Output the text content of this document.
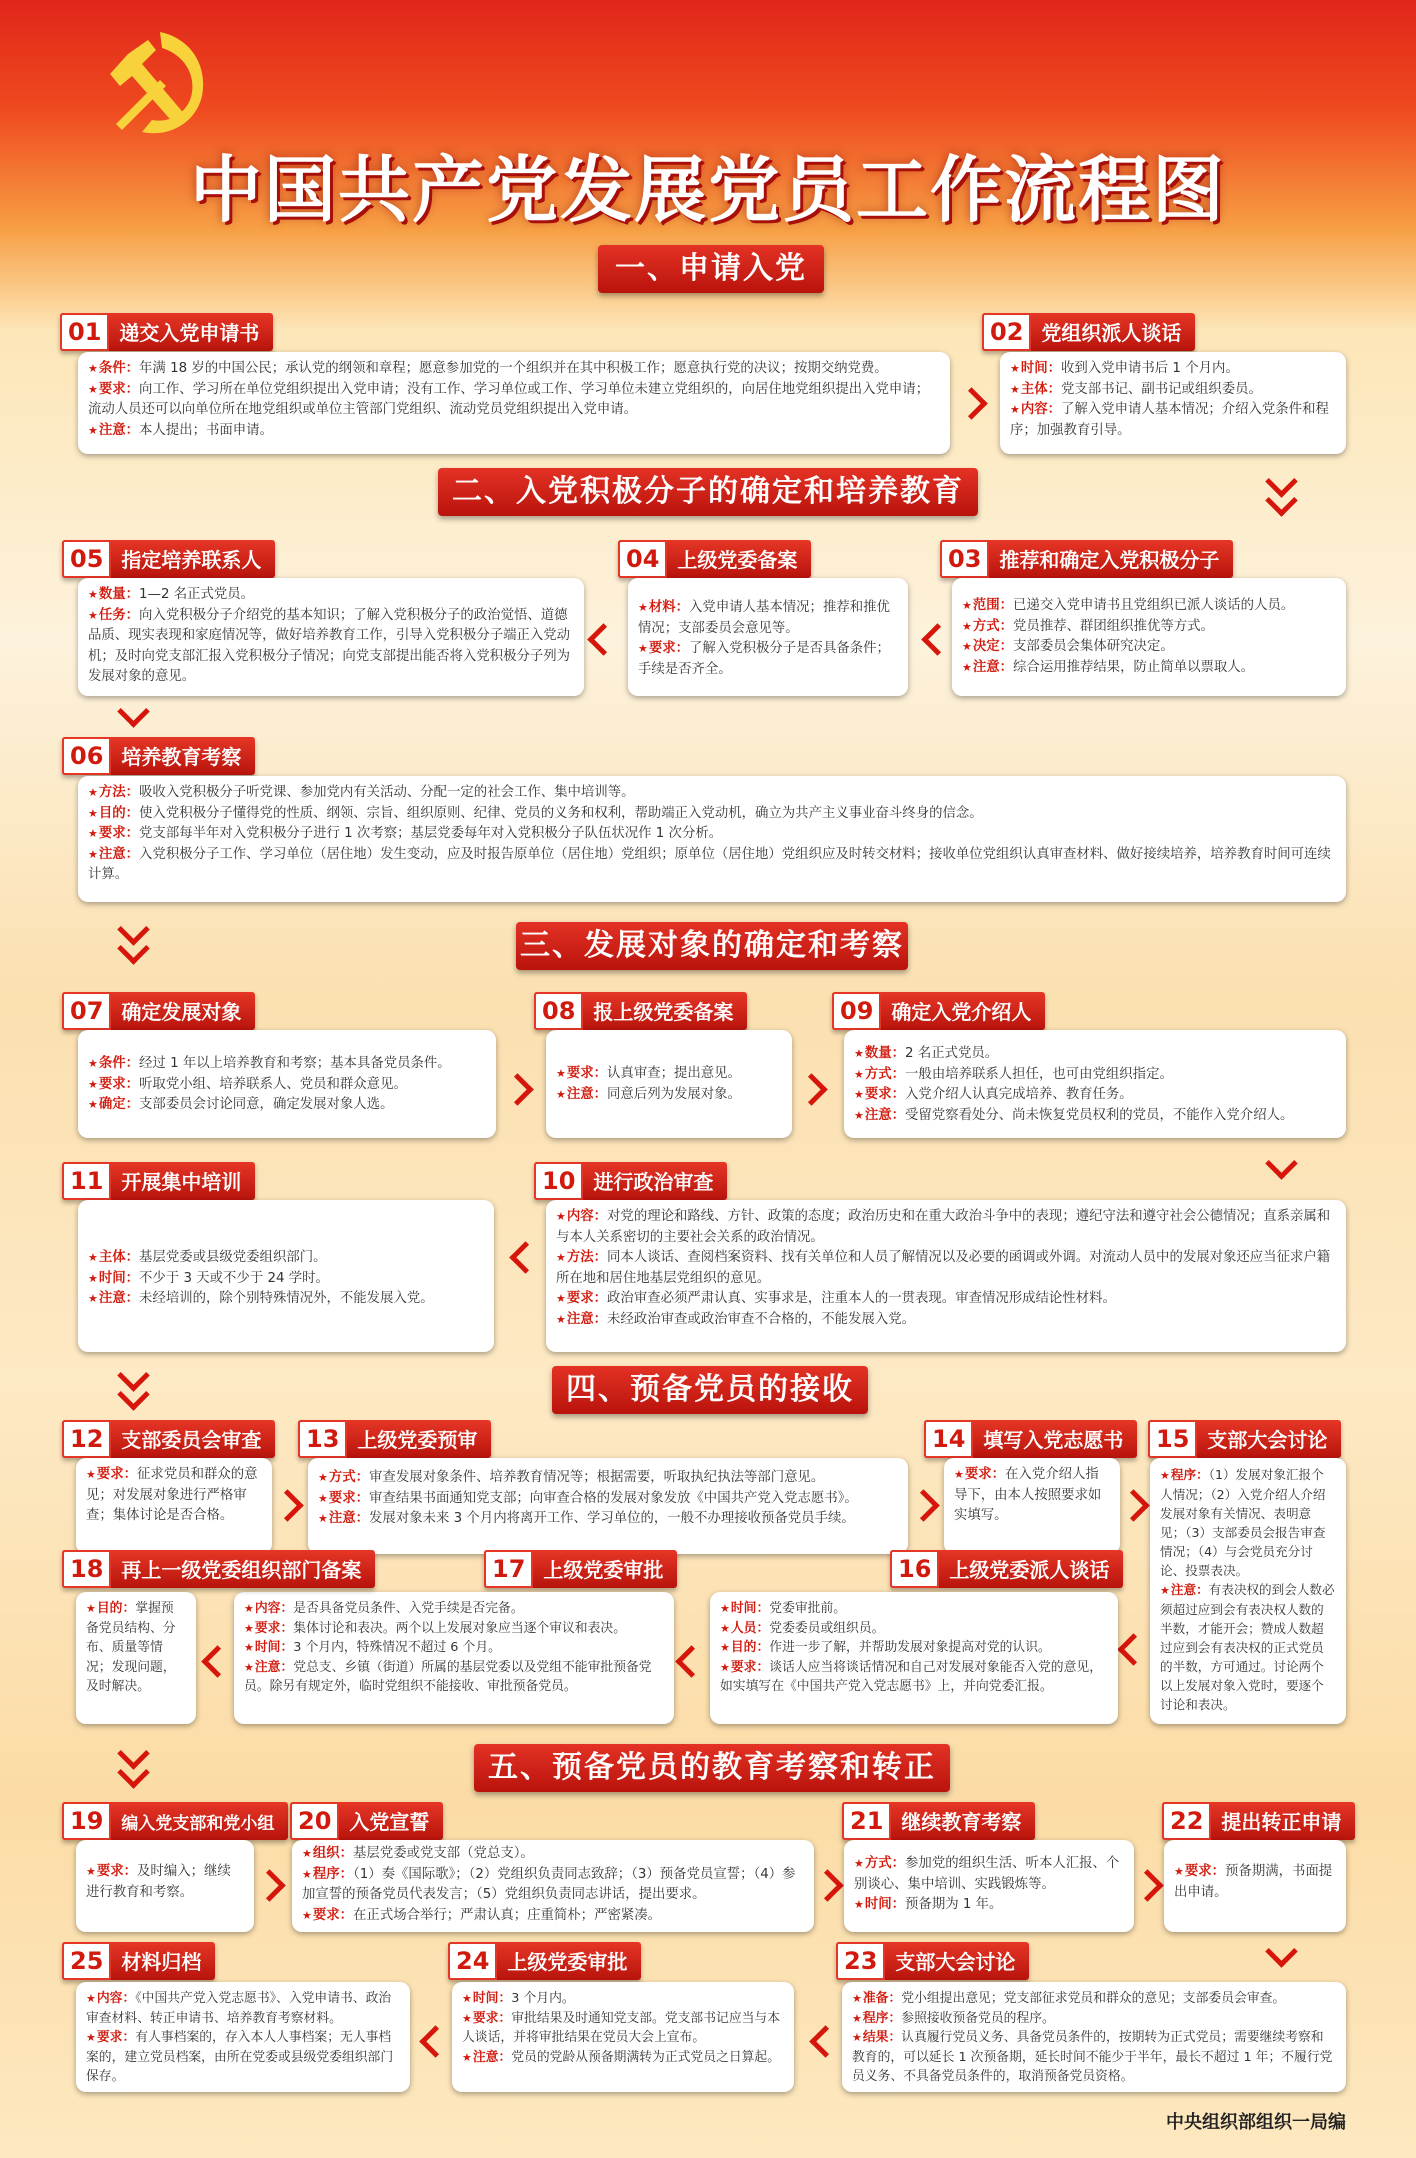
中国共产党发展党员工作流程图
一、申请入党
01 递交入党申请书

★ 条件：年满 18 岁的中国公民；承认党的纲领和章程；愿意参加党的一个组织并在其中积极工作；愿意执行党的决议；按期交纳党费。

★ 要求：向工作、学习所在单位党组织提出入党申请；没有工作、学习单位或工作、学习单位未建立党组织的，向居住地党组织提出入党申请；流动人员还可以向单位所在地党组织或单位主管部门党组织、流动党员党组织提出入党申请。

★ 注意：本人提出；书面申请。

02 党组织派人谈话

★ 时间：收到入党申请书后 1 个月内。

★ 主体：党支部书记、副书记或组织委员。

★ 内容：了解入党申请人基本情况；介绍入党条件和程序；加强教育引导。

二、入党积极分子的确定和培养教育
03 推荐和确定入党积极分子

★ 范围：已递交入党申请书且党组织已派人谈话的人员。

★ 方式：党员推荐、群团组织推优等方式。

★ 决定：支部委员会集体研究决定。

★ 注意：综合运用推荐结果，防止简单以票取人。

04 上级党委备案

★ 材料：入党申请人基本情况；推荐和推优情况；支部委员会意见等。

★ 要求：了解入党积极分子是否具备条件；手续是否齐全。

05 指定培养联系人

★ 数量：1—2 名正式党员。

★ 任务：向入党积极分子介绍党的基本知识；了解入党积极分子的政治觉悟、道德品质、现实表现和家庭情况等，做好培养教育工作，引导入党积极分子端正入党动机；及时向党支部汇报入党积极分子情况；向党支部提出能否将入党积极分子列为发展对象的意见。

06 培养教育考察

★ 方法：吸收入党积极分子听党课、参加党内有关活动、分配一定的社会工作、集中培训等。

★ 目的：使入党积极分子懂得党的性质、纲领、宗旨、组织原则、纪律、党员的义务和权利，帮助端正入党动机，确立为共产主义事业奋斗终身的信念。

★ 要求：党支部每半年对入党积极分子进行 1 次考察；基层党委每年对入党积极分子队伍状况作 1 次分析。

★ 注意：入党积极分子工作、学习单位（居住地）发生变动，应及时报告原单位（居住地）党组织；原单位（居住地）党组织应及时转交材料；接收单位党组织认真审查材料、做好接续培养，培养教育时间可连续计算。

三、发展对象的确定和考察
07 确定发展对象

★ 条件：经过 1 年以上培养教育和考察；基本具备党员条件。

★ 要求：听取党小组、培养联系人、党员和群众意见。

★ 确定：支部委员会讨论同意，确定发展对象人选。

08 报上级党委备案

★ 要求：认真审查；提出意见。

★ 注意：同意后列为发展对象。

09 确定入党介绍人

★ 数量：2 名正式党员。

★ 方式：一般由培养联系人担任，也可由党组织指定。

★ 要求：入党介绍人认真完成培养、教育任务。

★ 注意：受留党察看处分、尚未恢复党员权利的党员，不能作入党介绍人。

10 进行政治审查

★ 内容：对党的理论和路线、方针、政策的态度；政治历史和在重大政治斗争中的表现；遵纪守法和遵守社会公德情况；直系亲属和与本人关系密切的主要社会关系的政治情况。

★ 方法：同本人谈话、查阅档案资料、找有关单位和人员了解情况以及必要的函调或外调。对流动人员中的发展对象还应当征求户籍所在地和居住地基层党组织的意见。

★ 要求：政治审查必须严肃认真、实事求是，注重本人的一贯表现。审查情况形成结论性材料。

★ 注意：未经政治审查或政治审查不合格的，不能发展入党。

11 开展集中培训

★ 主体：基层党委或县级党委组织部门。

★ 时间：不少于 3 天或不少于 24 学时。

★ 注意：未经培训的，除个别特殊情况外，不能发展入党。

四、预备党员的接收
12 支部委员会审查

★ 要求：征求党员和群众的意见；对发展对象进行严格审查；集体讨论是否合格。

13 上级党委预审

★ 方式：审查发展对象条件、培养教育情况等；根据需要，听取执纪执法等部门意见。

★ 要求：审查结果书面通知党支部；向审查合格的发展对象发放《中国共产党入党志愿书》。

★ 注意：发展对象未来 3 个月内将离开工作、学习单位的，一般不办理接收预备党员手续。

14 填写入党志愿书

★ 要求：在入党介绍人指导下，由本人按照要求如实填写。

15 支部大会讨论

★ 程序：（1）发展对象汇报个人情况；（2）入党介绍人介绍发展对象有关情况、表明意见；（3）支部委员会报告审查情况；（4）与会党员充分讨论、投票表决。

★ 注意：有表决权的到会人数必须超过应到会有表决权人数的半数，才能开会；赞成人数超过应到会有表决权的正式党员的半数，方可通过。讨论两个以上发展对象入党时，要逐个讨论和表决。

16 上级党委派人谈话

★ 时间：党委审批前。

★ 人员：党委委员或组织员。

★ 目的：作进一步了解，并帮助发展对象提高对党的认识。

★ 要求：谈话人应当将谈话情况和自己对发展对象能否入党的意见，如实填写在《中国共产党入党志愿书》上，并向党委汇报。

17 上级党委审批

★ 内容：是否具备党员条件、入党手续是否完备。

★ 要求：集体讨论和表决。两个以上发展对象应当逐个审议和表决。

★ 时间：3 个月内，特殊情况不超过 6 个月。

★ 注意：党总支、乡镇（街道）所属的基层党委以及党组不能审批预备党员。除另有规定外，临时党组织不能接收、审批预备党员。

18 再上一级党委组织部门备案

★ 目的：掌握预备党员结构、分布、质量等情况；发现问题，及时解决。

五、预备党员的教育考察和转正
19 编入党支部和党小组

★ 要求：及时编入；继续进行教育和考察。

20 入党宣誓

★ 组织：基层党委或党支部（党总支）。

★ 程序：（1）奏《国际歌》；（2）党组织负责同志致辞；（3）预备党员宣誓；（4）参加宣誓的预备党员代表发言；（5）党组织负责同志讲话，提出要求。

★ 要求：在正式场合举行；严肃认真；庄重简朴；严密紧凑。

21 继续教育考察

★ 方式：参加党的组织生活、听本人汇报、个别谈心、集中培训、实践锻炼等。

★ 时间：预备期为 1 年。

22 提出转正申请

★ 要求：预备期满，书面提出申请。

23 支部大会讨论

★ 准备：党小组提出意见；党支部征求党员和群众的意见；支部委员会审查。

★ 程序：参照接收预备党员的程序。

★ 结果：认真履行党员义务、具备党员条件的，按期转为正式党员；需要继续考察和教育的，可以延长 1 次预备期，延长时间不能少于半年，最长不超过 1 年；不履行党员义务、不具备党员条件的，取消预备党员资格。

24 上级党委审批

★ 时间：3 个月内。

★ 要求：审批结果及时通知党支部。党支部书记应当与本人谈话，并将审批结果在党员大会上宣布。

★ 注意：党员的党龄从预备期满转为正式党员之日算起。

25 材料归档

★ 内容：《中国共产党入党志愿书》、入党申请书、政治审查材料、转正申请书、培养教育考察材料。

★ 要求：有人事档案的，存入本人人事档案；无人事档案的，建立党员档案，由所在党委或县级党委组织部门保存。

中央组织部组织一局编
